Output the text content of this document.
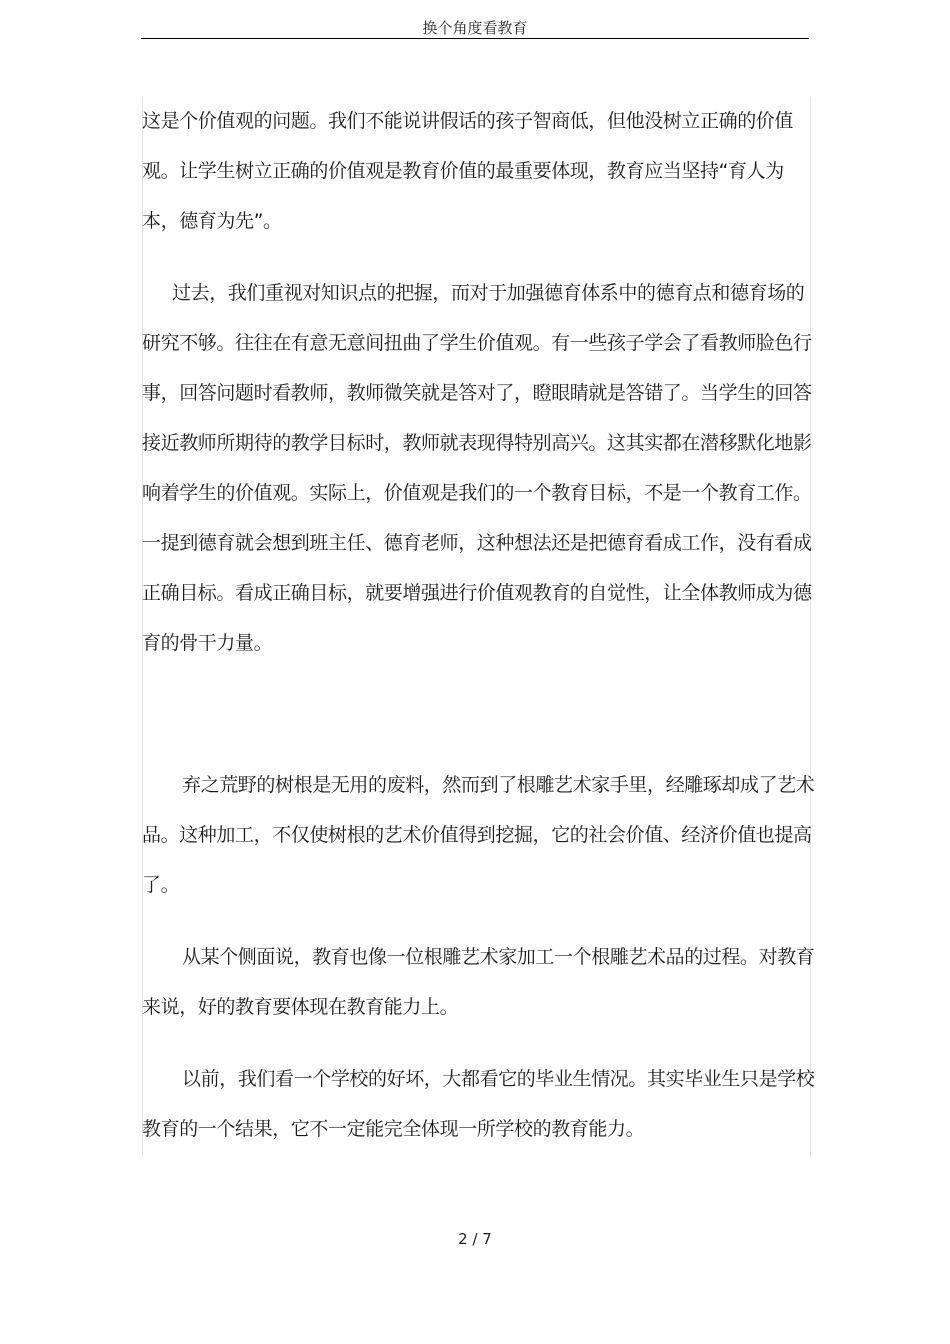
换个角度看教育

这是个价值观的问题。我们不能说讲假话的孩子智商低，但他没树立正确的价值观。让学生树立正确的价值观是教育价值的最重要体现，教育应当坚持“育人为本，德育为先”。

过去，我们重视对知识点的把握，而对于加强德育体系中的德育点和德育场的研究不够。往往在有意无意间扭曲了学生价值观。有一些孩子学会了看教师脸色行事，回答问题时看教师，教师微笑就是答对了，瞪眼睛就是答错了。当学生的回答接近教师所期待的教学目标时，教师就表现得特别高兴。这其实都在潜移默化地影响着学生的价值观。实际上，价值观是我们的一个教育目标，不是一个教育工作。一提到德育就会想到班主任、德育老师，这种想法还是把德育看成工作，没有看成正确目标。看成正确目标，就要增强进行价值观教育的自觉性，让全体教师成为德育的骨干力量。

弃之荒野的树根是无用的废料，然而到了根雕艺术家手里，经雕琢却成了艺术品。这种加工，不仅使树根的艺术价值得到挖掘，它的社会价值、经济价值也提高了。

从某个侧面说，教育也像一位根雕艺术家加工一个根雕艺术品的过程。对教育来说，好的教育要体现在教育能力上。

以前，我们看一个学校的好坏，大都看它的毕业生情况。其实毕业生只是学校教育的一个结果，它不一定能完全体现一所学校的教育能力。

2 / 7
